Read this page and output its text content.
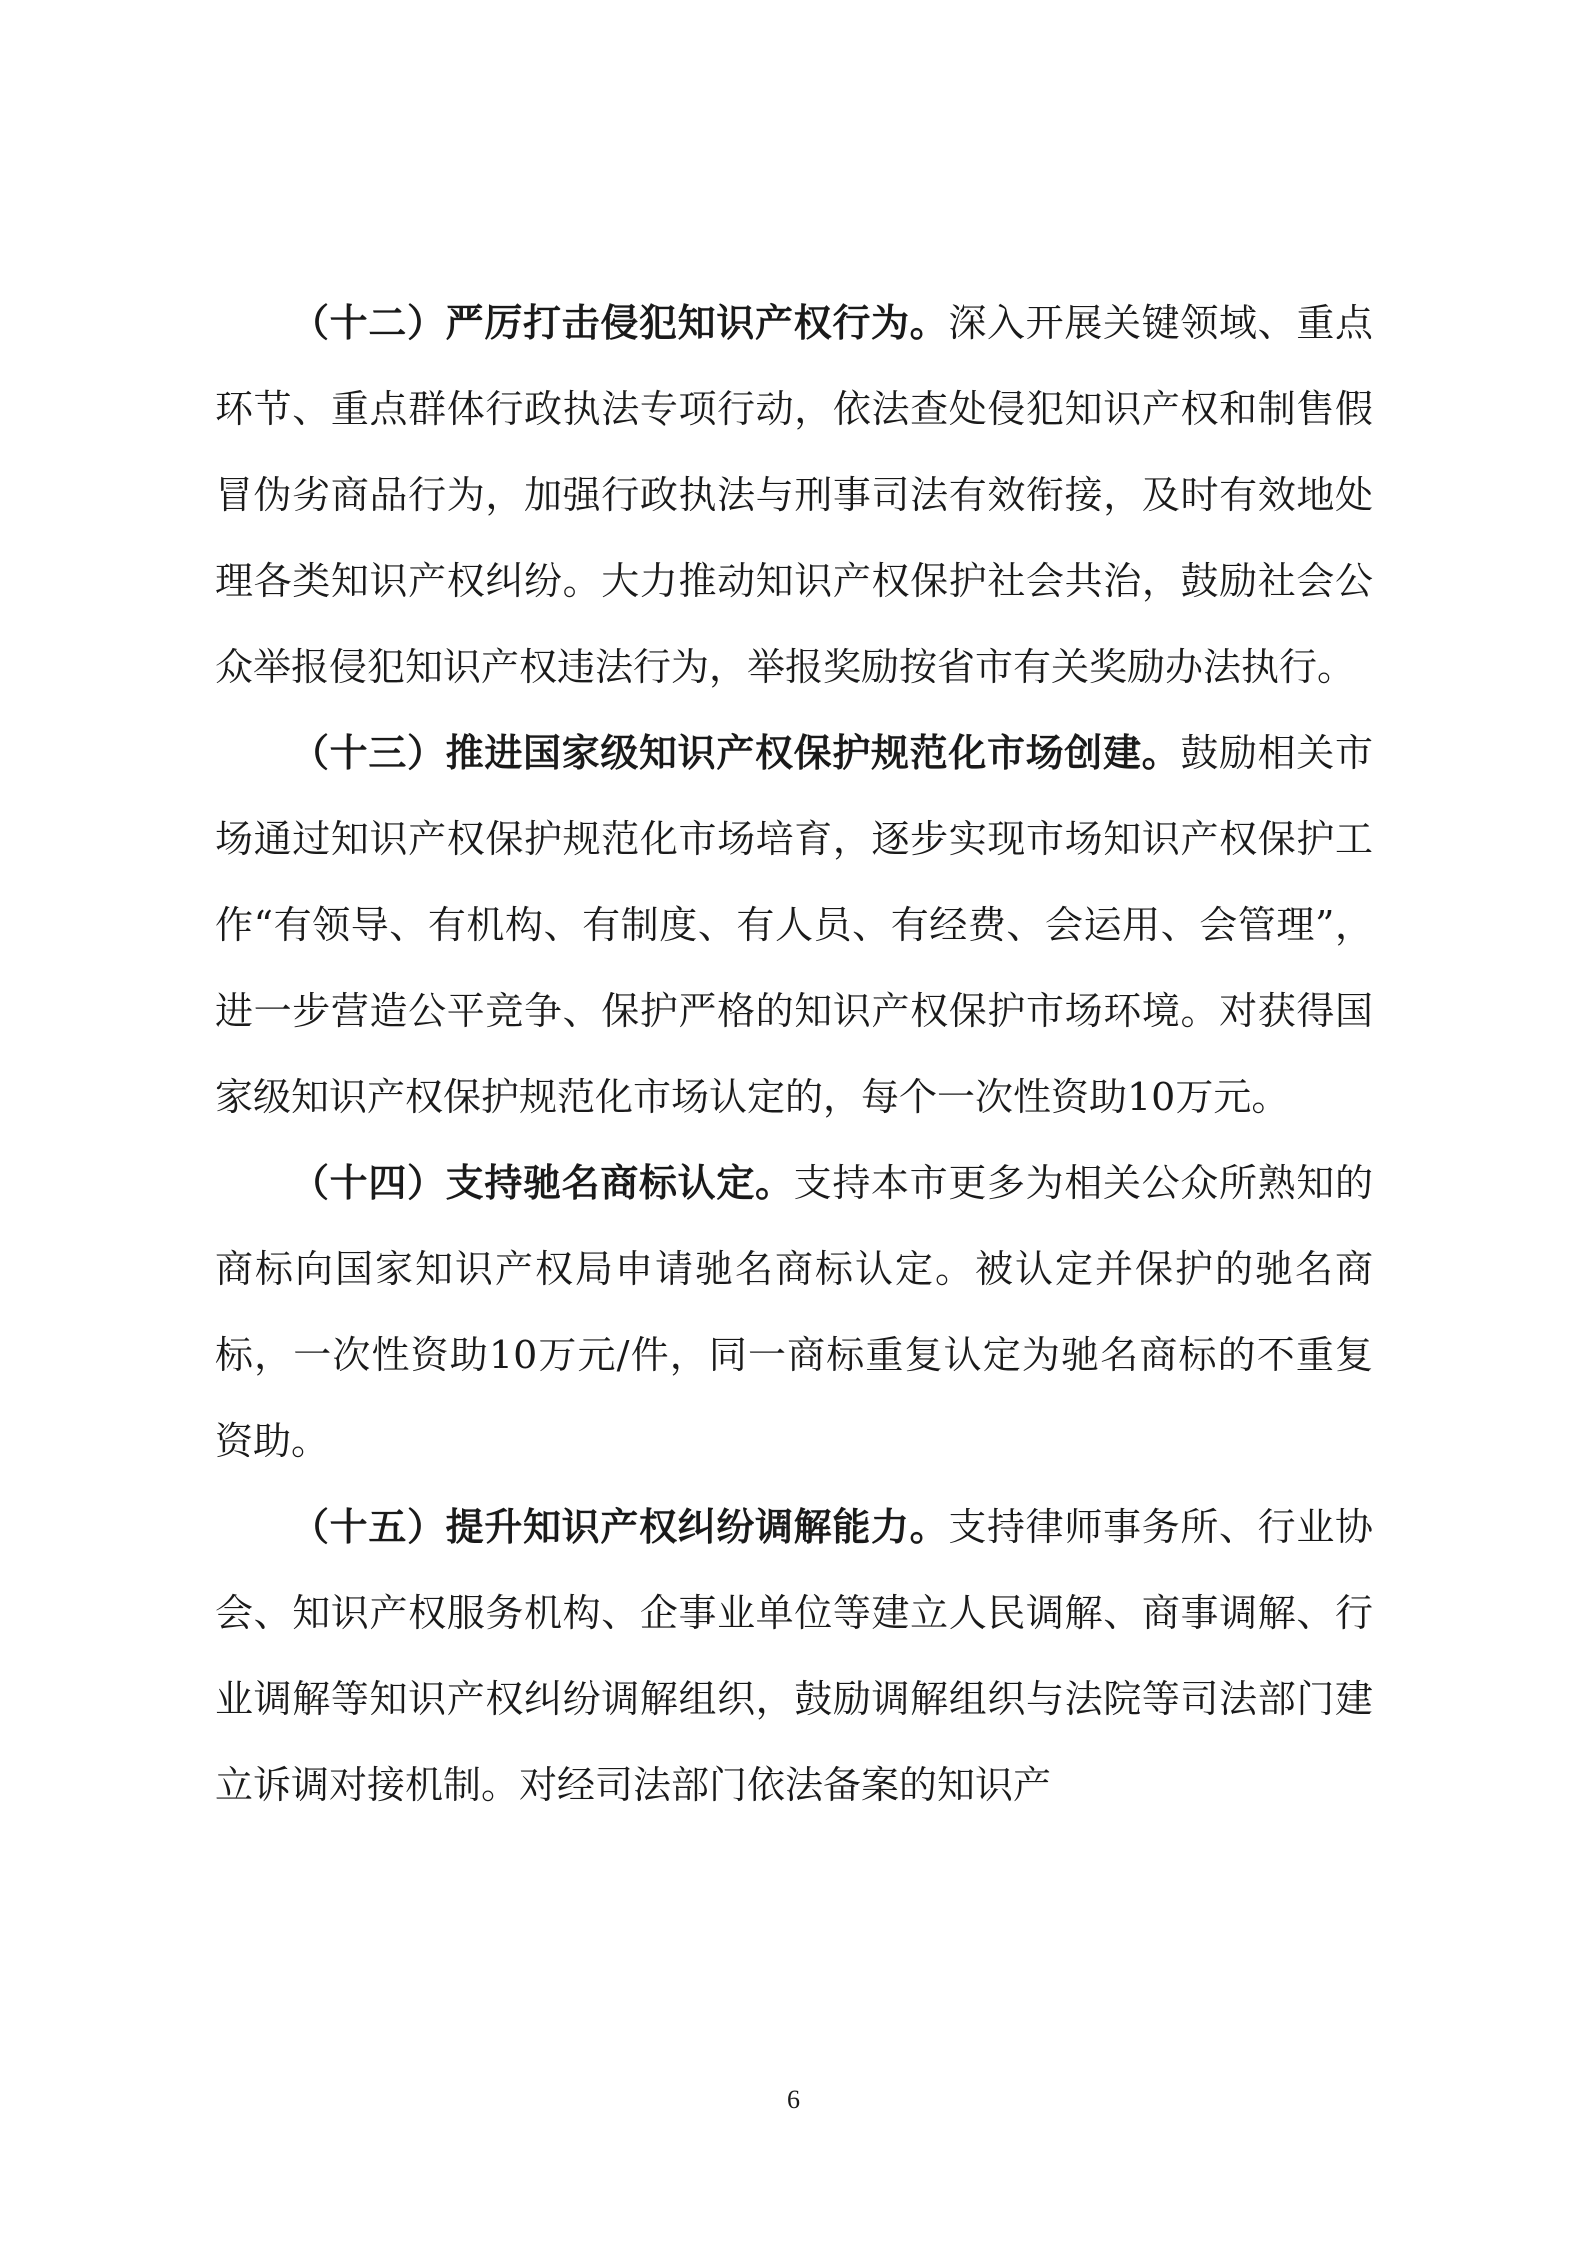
（十二）严厉打击侵犯知识产权行为。深入开展关键领域、重点环节、重点群体行政执法专项行动，依法查处侵犯知识产权和制售假冒伪劣商品行为，加强行政执法与刑事司法有效衔接，及时有效地处理各类知识产权纠纷。大力推动知识产权保护社会共治，鼓励社会公众举报侵犯知识产权违法行为，举报奖励按省市有关奖励办法执行。

（十三）推进国家级知识产权保护规范化市场创建。鼓励相关市场通过知识产权保护规范化市场培育，逐步实现市场知识产权保护工作“有领导、有机构、有制度、有人员、有经费、会运用、会管理”，进一步营造公平竞争、保护严格的知识产权保护市场环境。对获得国家级知识产权保护规范化市场认定的，每个一次性资助10万元。

（十四）支持驰名商标认定。支持本市更多为相关公众所熟知的商标向国家知识产权局申请驰名商标认定。被认定并保护的驰名商标，一次性资助10万元/件，同一商标重复认定为驰名商标的不重复资助。

（十五）提升知识产权纠纷调解能力。支持律师事务所、行业协会、知识产权服务机构、企事业单位等建立人民调解、商事调解、行业调解等知识产权纠纷调解组织，鼓励调解组织与法院等司法部门建立诉调对接机制。对经司法部门依法备案的知识产

6
